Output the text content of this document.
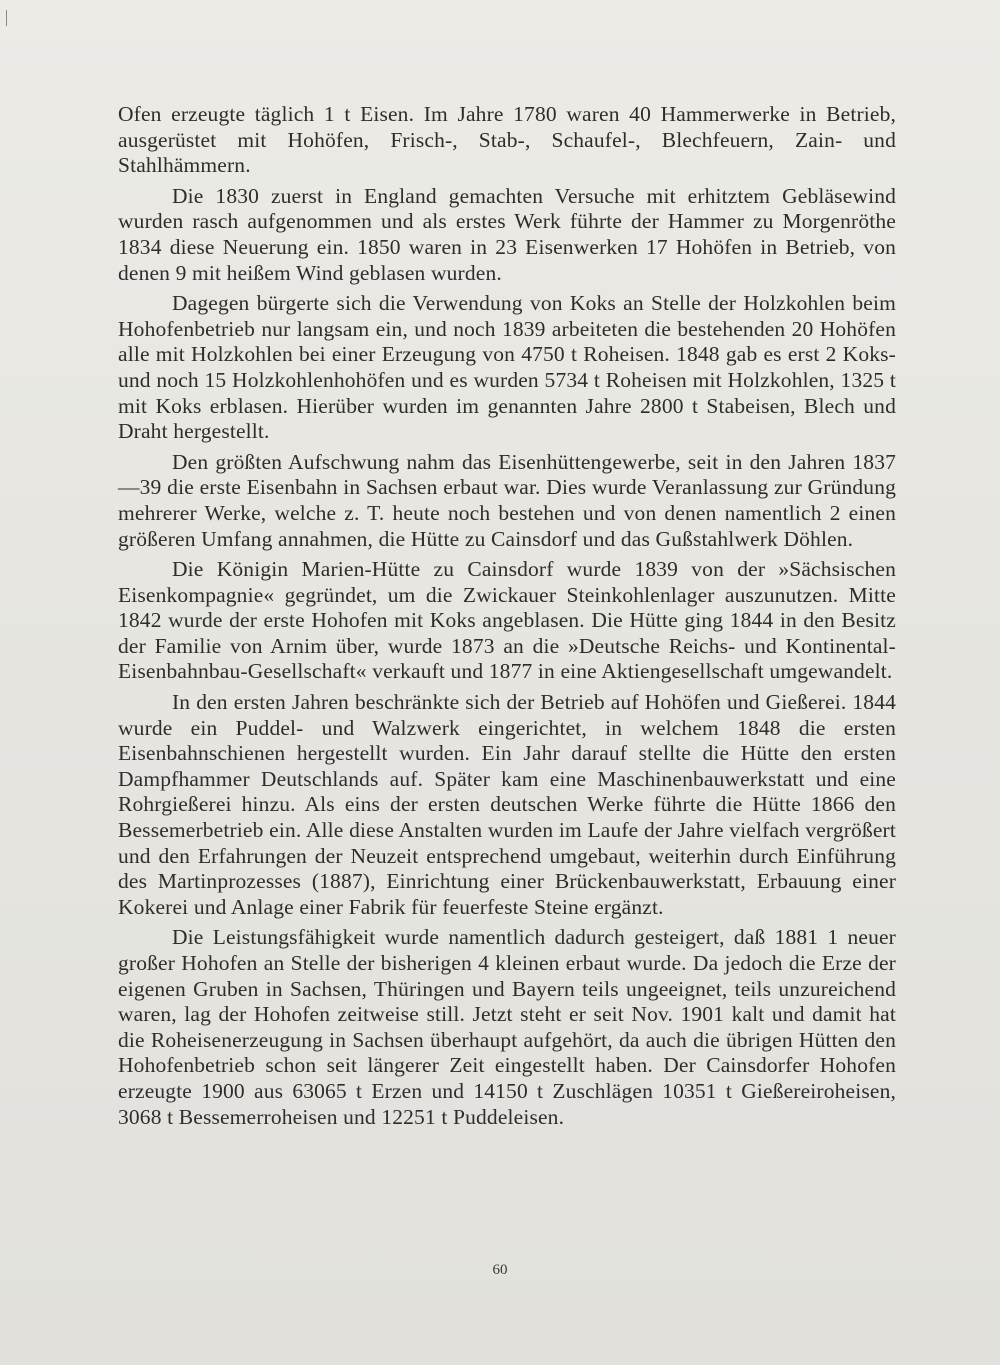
Ofen erzeugte täglich 1 t Eisen. Im Jahre 1780 waren 40 Hammerwerke in Betrieb, ausgerüstet mit Hohöfen, Frisch-, Stab-, Schaufel-, Blechfeuern, Zain- und Stahlhämmern.

Die 1830 zuerst in England gemachten Versuche mit erhitztem Gebläsewind wurden rasch aufgenommen und als erstes Werk führte der Hammer zu Morgenröthe 1834 diese Neuerung ein. 1850 waren in 23 Eisenwerken 17 Hohöfen in Betrieb, von denen 9 mit heißem Wind geblasen wurden.

Dagegen bürgerte sich die Verwendung von Koks an Stelle der Holzkohlen beim Hohofenbetrieb nur langsam ein, und noch 1839 arbeiteten die bestehenden 20 Hohöfen alle mit Holzkohlen bei einer Erzeugung von 4750 t Roheisen. 1848 gab es erst 2 Koks- und noch 15 Holzkohlenhohöfen und es wurden 5734 t Roheisen mit Holzkohlen, 1325 t mit Koks erblasen. Hierüber wurden im genannten Jahre 2800 t Stabeisen, Blech und Draht hergestellt.

Den größten Aufschwung nahm das Eisenhüttengewerbe, seit in den Jahren 1837—39 die erste Eisenbahn in Sachsen erbaut war. Dies wurde Veranlassung zur Gründung mehrerer Werke, welche z. T. heute noch bestehen und von denen namentlich 2 einen größeren Umfang annahmen, die Hütte zu Cainsdorf und das Gußstahlwerk Döhlen.

Die Königin Marien-Hütte zu Cainsdorf wurde 1839 von der »Sächsischen Eisenkompagnie« gegründet, um die Zwickauer Steinkohlenlager auszunutzen. Mitte 1842 wurde der erste Hohofen mit Koks angeblasen. Die Hütte ging 1844 in den Besitz der Familie von Arnim über, wurde 1873 an die »Deutsche Reichs- und Kontinental-Eisenbahnbau-Gesellschaft« verkauft und 1877 in eine Aktiengesellschaft umgewandelt.

In den ersten Jahren beschränkte sich der Betrieb auf Hohöfen und Gießerei. 1844 wurde ein Puddel- und Walzwerk eingerichtet, in welchem 1848 die ersten Eisenbahnschienen hergestellt wurden. Ein Jahr darauf stellte die Hütte den ersten Dampfhammer Deutschlands auf. Später kam eine Maschinenbauwerkstatt und eine Rohrgießerei hinzu. Als eins der ersten deutschen Werke führte die Hütte 1866 den Bessemerbetrieb ein. Alle diese Anstalten wurden im Laufe der Jahre vielfach vergrößert und den Erfahrungen der Neuzeit entsprechend umgebaut, weiterhin durch Einführung des Martinprozesses (1887), Einrichtung einer Brückenbauwerkstatt, Erbauung einer Kokerei und Anlage einer Fabrik für feuerfeste Steine ergänzt.

Die Leistungsfähigkeit wurde namentlich dadurch gesteigert, daß 1881 1 neuer großer Hohofen an Stelle der bisherigen 4 kleinen erbaut wurde. Da jedoch die Erze der eigenen Gruben in Sachsen, Thüringen und Bayern teils ungeeignet, teils unzureichend waren, lag der Hohofen zeitweise still. Jetzt steht er seit Nov. 1901 kalt und damit hat die Roheisenerzeugung in Sachsen überhaupt aufgehört, da auch die übrigen Hütten den Hohofenbetrieb schon seit längerer Zeit eingestellt haben. Der Cainsdorfer Hohofen erzeugte 1900 aus 63065 t Erzen und 14150 t Zuschlägen 10351 t Gießereiroheisen, 3068 t Bessemerroheisen und 12251 t Puddeleisen.

60
